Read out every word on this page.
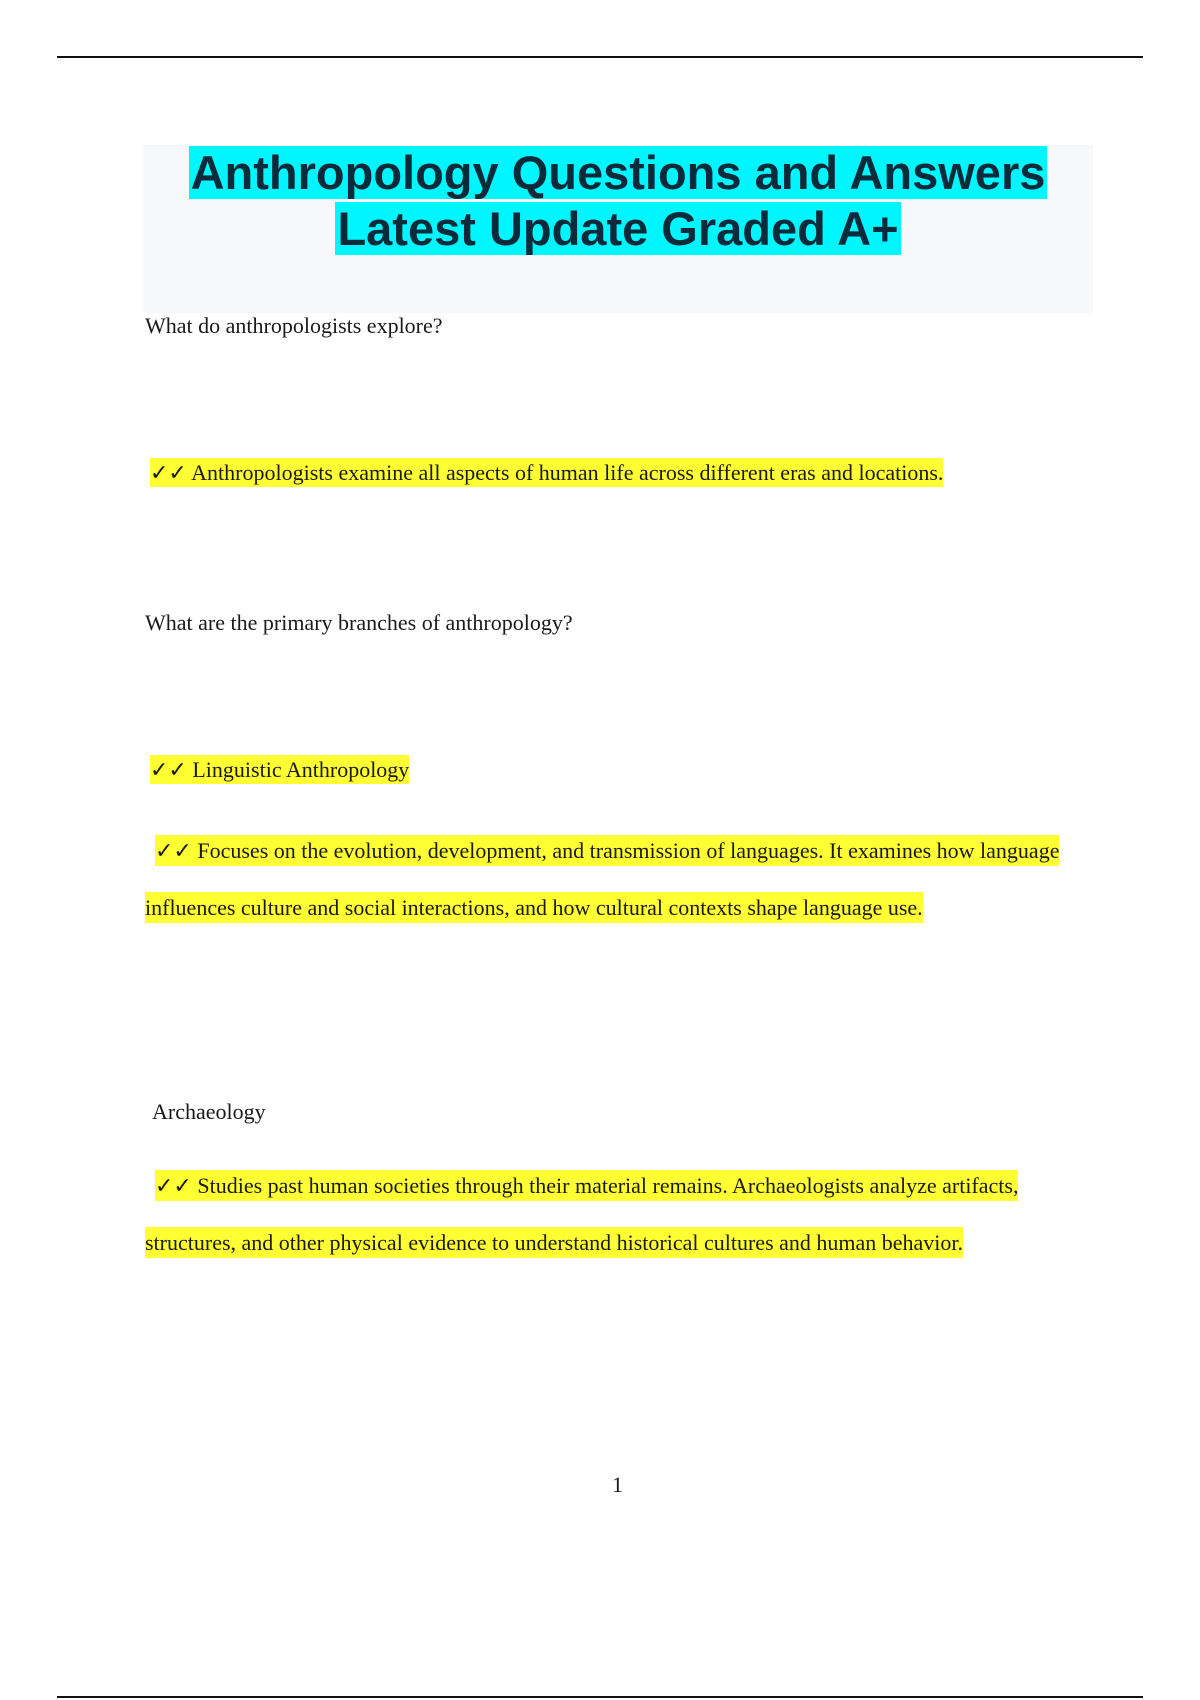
Anthropology Questions and Answers
Latest Update Graded A+
What do anthropologists explore?
✓✓ Anthropologists examine all aspects of human life across different eras and locations.
What are the primary branches of anthropology?
✓✓ Linguistic Anthropology
✓✓ Focuses on the evolution, development, and transmission of languages. It examines how language influences culture and social interactions, and how cultural contexts shape language use.
Archaeology
✓✓ Studies past human societies through their material remains. Archaeologists analyze artifacts, structures, and other physical evidence to understand historical cultures and human behavior.
1
